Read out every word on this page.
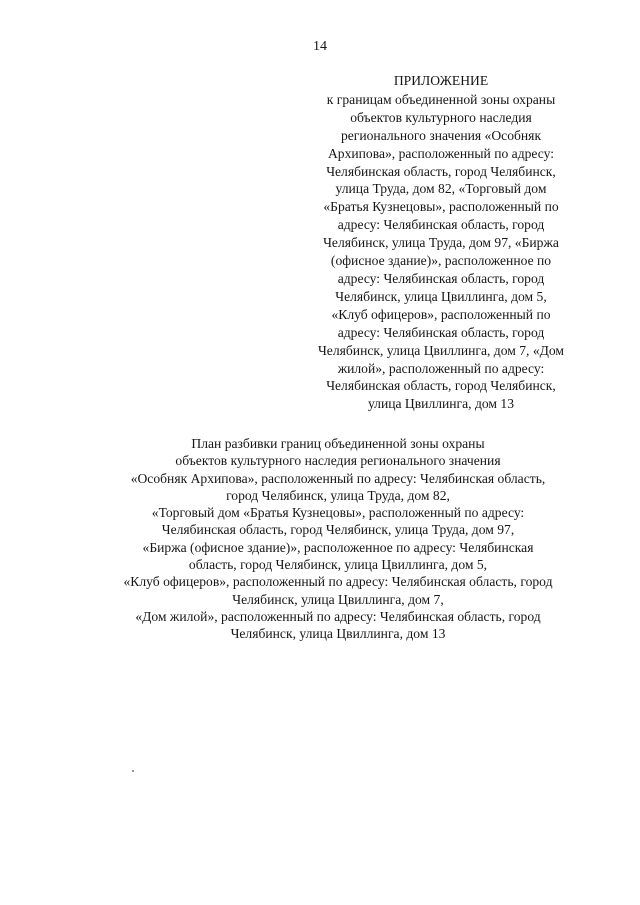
14
ПРИЛОЖЕНИЕ
к границам объединенной зоны охраны
объектов культурного наследия
регионального значения «Особняк
Архипова», расположенный по адресу:
Челябинская область, город Челябинск,
улица Труда, дом 82, «Торговый дом
«Братья Кузнецовы», расположенный по
адресу: Челябинская область, город
Челябинск, улица Труда, дом 97, «Биржа
(офисное здание)», расположенное по
адресу: Челябинская область, город
Челябинск, улица Цвиллинга, дом 5,
«Клуб офицеров», расположенный по
адресу: Челябинская область, город
Челябинск, улица Цвиллинга, дом 7, «Дом
жилой», расположенный по адресу:
Челябинская область, город Челябинск,
улица Цвиллинга, дом 13
План разбивки границ объединенной зоны охраны
объектов культурного наследия регионального значения
«Особняк Архипова», расположенный по адресу: Челябинская область,
город Челябинск, улица Труда, дом 82,
«Торговый дом «Братья Кузнецовы», расположенный по адресу:
Челябинская область, город Челябинск, улица Труда, дом 97,
«Биржа (офисное здание)», расположенное по адресу: Челябинская
область, город Челябинск, улица Цвиллинга, дом 5,
«Клуб офицеров», расположенный по адресу: Челябинская область, город
Челябинск, улица Цвиллинга, дом 7,
«Дом жилой», расположенный по адресу: Челябинская область, город
Челябинск, улица Цвиллинга, дом 13
